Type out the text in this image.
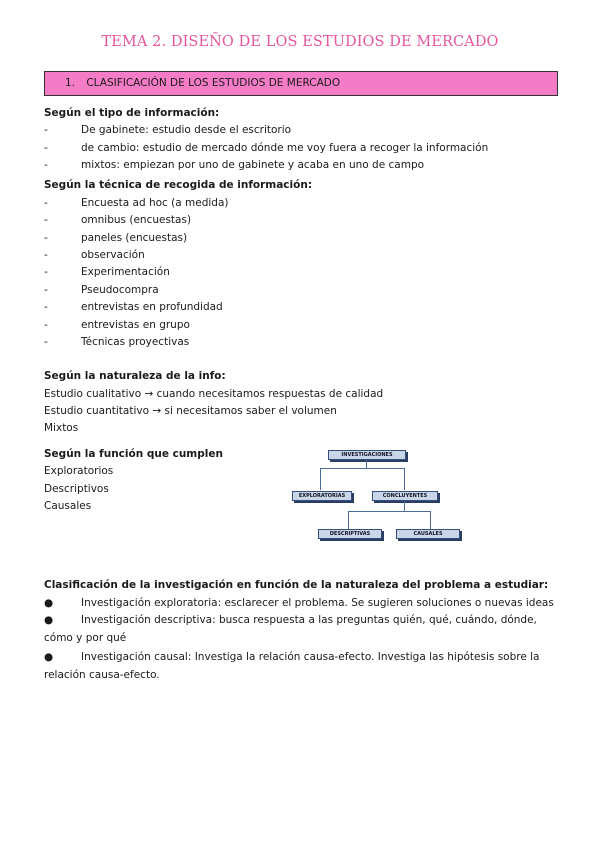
TEMA 2. DISEÑO DE LOS ESTUDIOS DE MERCADO
1. CLASIFICACIÓN DE LOS ESTUDIOS DE MERCADO
Según el tipo de información:
-	De gabinete: estudio desde el escritorio
-	de cambio: estudio de mercado dónde me voy fuera a recoger la información
-	mixtos: empiezan por uno de gabinete y acaba en uno de campo
Según la técnica de recogida de información:
-	Encuesta ad hoc (a medida)
-	omnibus (encuestas)
-	paneles (encuestas)
-	observación
-	Experimentación
-	Pseudocompra
-	entrevistas en profundidad
-	entrevistas en grupo
-	Técnicas proyectivas
Según la naturaleza de la info:
Estudio cualitativo → cuando necesitamos respuestas de calidad
Estudio cuantitativo → si necesitamos saber el volumen
Mixtos
Según la función que cumplen
Exploratorios
Descriptivos
Causales
INVESTIGACIONES
EXPLORATORIAS	CONCLUYENTES
DESCRIPTIVAS	CAUSALES
Clasificación de la investigación en función de la naturaleza del problema a estudiar:
●	Investigación exploratoria: esclarecer el problema. Se sugieren soluciones o nuevas ideas
●	Investigación descriptiva: busca respuesta a las preguntas quién, qué, cuándo, dónde, cómo y por qué
●	Investigación causal: Investiga la relación causa-efecto. Investiga las hipótesis sobre la relación causa-efecto.
